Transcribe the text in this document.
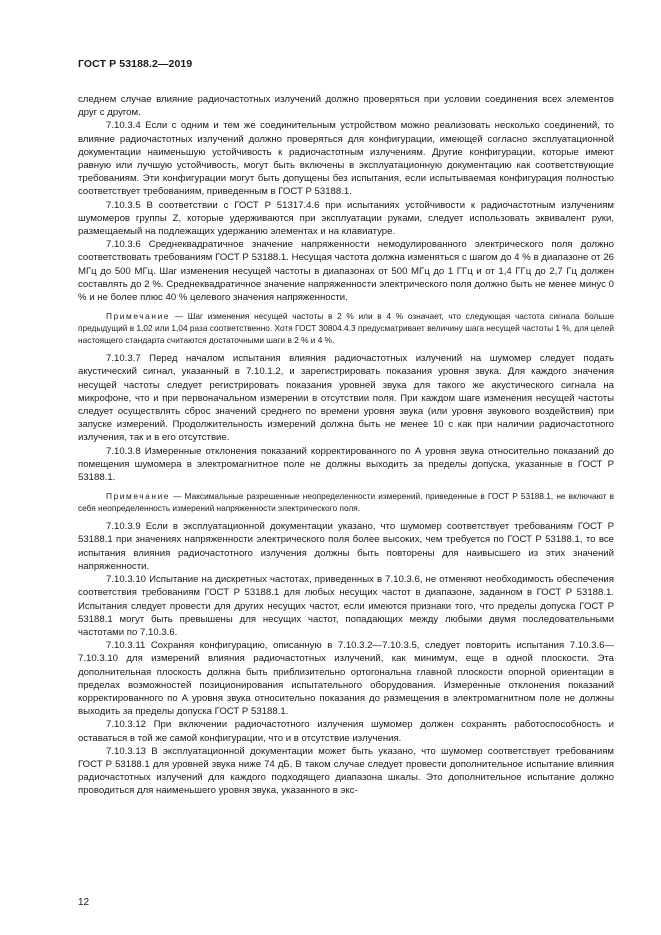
ГОСТ Р 53188.2—2019

следнем случае влияние радиочастотных излучений должно проверяться при условии соединения всех элементов друг с другом.

7.10.3.4 Если с одним и тем же соединительным устройством можно реализовать несколько соединений, то влияние радиочастотных излучений должно проверяться для конфигурации, имеющей согласно эксплуатационной документации наименьшую устойчивость к радиочастотным излучениям. Другие конфигурации, которые имеют равную или лучшую устойчивость, могут быть включены в эксплуатационную документацию как соответствующие требованиям. Эти конфигурации могут быть допущены без испытания, если испытываемая конфигурация полностью соответствует требованиям, приведенным в ГОСТ Р 53188.1.

7.10.3.5 В соответствии с ГОСТ Р 51317.4.6 при испытаниях устойчивости к радиочастотным излучениям шумомеров группы Z, которые удерживаются при эксплуатации руками, следует использовать эквивалент руки, размещаемый на подлежащих удержанию элементах и на клавиатуре.

7.10.3.6 Среднеквадратичное значение напряженности немодулированного электрического поля должно соответствовать требованиям ГОСТ Р 53188.1. Несущая частота должна изменяться с шагом до 4 % в диапазоне от 26 МГц до 500 МГц. Шаг изменения несущей частоты в диапазонах от 500 МГц до 1 ГГц и от 1,4 ГГц до 2,7 Гц должен составлять до 2 %. Среднеквадратичное значение напряженности электрического поля должно быть не менее минус 0 % и не более плюс 40 % целевого значения напряженности.

Примечание — Шаг изменения несущей частоты в 2 % или в 4 % означает, что следующая частота сигнала больше предыдущий в 1,02 или 1,04 раза соответственно. Хотя ГОСТ 30804.4.3 предусматривает величину шага несущей частоты 1 %, для целей настоящего стандарта считаются достаточными шаги в 2 % и 4 %.

7.10.3.7 Перед началом испытания влияния радиочастотных излучений на шумомер следует подать акустический сигнал, указанный в 7.10.1.2, и зарегистрировать показания уровня звука. Для каждого значения несущей частоты следует регистрировать показания уровней звука для такого же акустического сигнала на микрофоне, что и при первоначальном измерении в отсутствии поля. При каждом шаге изменения несущей частоты следует осуществлять сброс значений среднего по времени уровня звука (или уровня звукового воздействия) при запуске измерений. Продолжительность измерений должна быть не менее 10 с как при наличии радиочастотного излучения, так и в его отсутствие.

7.10.3.8 Измеренные отклонения показаний корректированного по А уровня звука относительно показаний до помещения шумомера в электромагнитное поле не должны выходить за пределы допуска, указанные в ГОСТ Р 53188.1.

Примечание — Максимальные разрешенные неопределенности измерений, приведенные в ГОСТ Р 53188.1, не включают в себя неопределенность измерений напряженности электрического поля.

7.10.3.9 Если в эксплуатационной документации указано, что шумомер соответствует требованиям ГОСТ Р 53188.1 при значениях напряженности электрического поля более высоких, чем требуется по ГОСТ Р 53188.1, то все испытания влияния радиочастотного излучения должны быть повторены для наивысшего из этих значений напряженности.

7.10.3.10 Испытание на дискретных частотах, приведенных в 7.10.3.6, не отменяют необходимость обеспечения соответствия требованиям ГОСТ Р 53188.1 для любых несущих частот в диапазоне, заданном в ГОСТ Р 53188.1. Испытания следует провести для других несущих частот, если имеются признаки того, что пределы допуска ГОСТ Р 53188.1 могут быть превышены для несущих частот, попадающих между любыми двумя последовательными частотами по 7.10.3.6.

7.10.3.11 Сохраняя конфигурацию, описанную в 7.10.3.2—7.10.3.5, следует повторить испытания 7.10.3.6—7.10.3.10 для измерений влияния радиочастотных излучений, как минимум, еще в одной плоскости. Эта дополнительная плоскость должна быть приблизительно ортогональна главной плоскости опорной ориентации в пределах возможностей позиционирования испытательного оборудования. Измеренные отклонения показаний корректированного по А уровня звука относительно показания до размещения в электромагнитном поле не должны выходить за пределы допуска ГОСТ Р 53188.1.

7.10.3.12 При включении радиочастотного излучения шумомер должен сохранять работоспособность и оставаться в той же самой конфигурации, что и в отсутствие излучения.

7.10.3.13 В эксплуатационной документации может быть указано, что шумомер соответствует требованиям ГОСТ Р 53188.1 для уровней звука ниже 74 дБ. В таком случае следует провести дополнительное испытание влияния радиочастотных излучений для каждого подходящего диапазона шкалы. Это дополнительное испытание должно проводиться для наименьшего уровня звука, указанного в экс-

12
